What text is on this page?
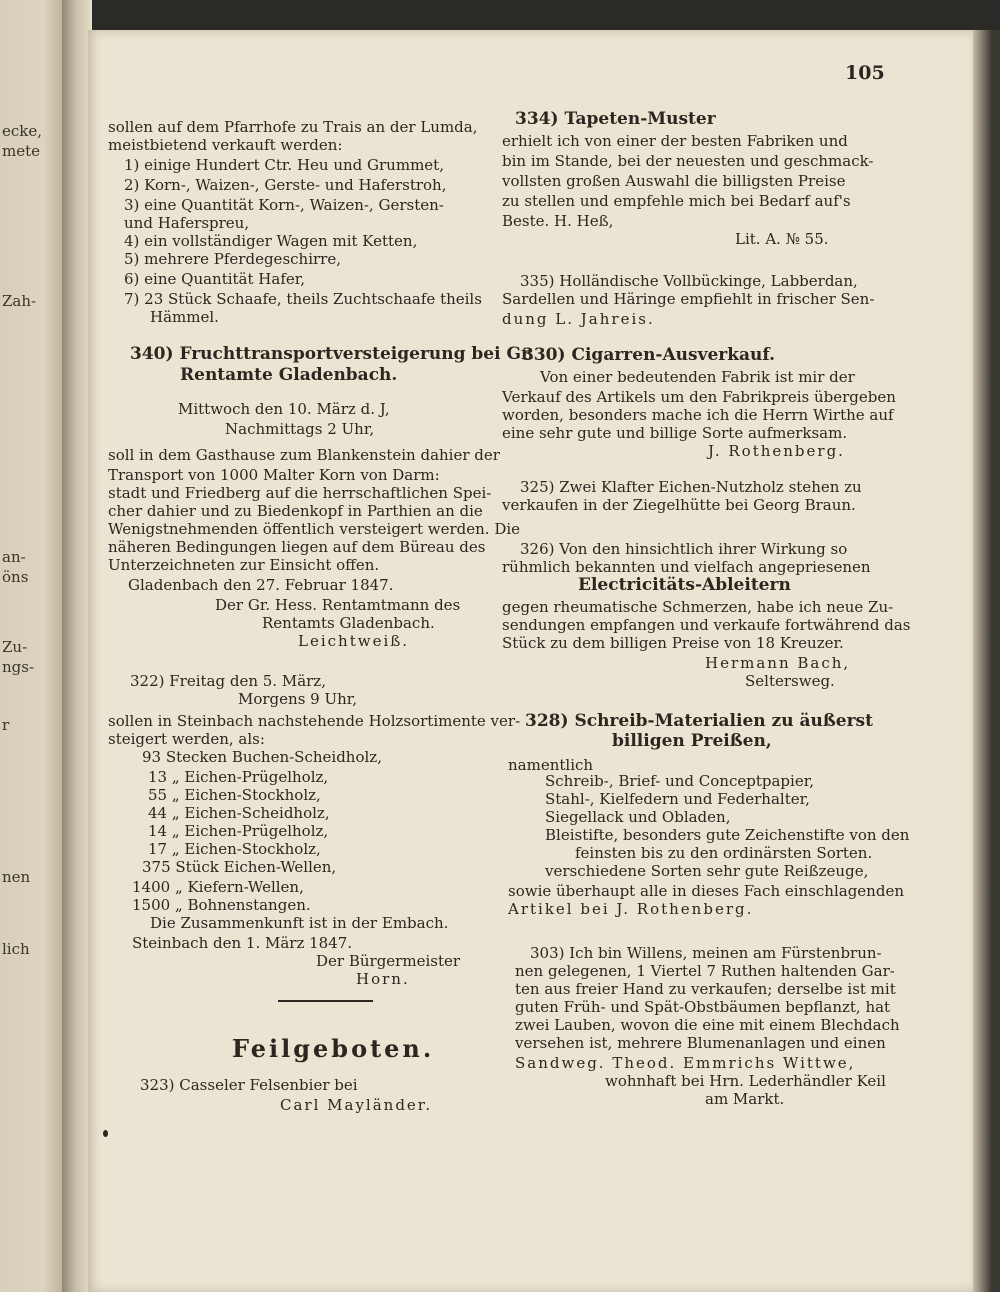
ecke,
mete
Zah-
an-
öns
Zu-
ngs-
r
nen
lich
105
sollen auf dem Pfarrhofe zu Trais an der Lumda,
meistbietend verkauft werden:
1) einige Hundert Ctr. Heu und Grummet,
2) Korn-, Waizen-, Gerste- und Haferstroh,
3) eine Quantität Korn-, Waizen-, Gersten-
und Haferspreu,
4) ein vollständiger Wagen mit Ketten,
5) mehrere Pferdegeschirre,
6) eine Quantität Hafer,
7) 23 Stück Schaafe, theils Zuchtschaafe theils
Hämmel.
340) Fruchttransportversteigerung bei Gr.
Rentamte Gladenbach.
Mittwoch den 10. März d. J,
Nachmittags 2 Uhr,
soll in dem Gasthause zum Blankenstein dahier der
Transport von 1000 Malter Korn von Darm:
stadt und Friedberg auf die herrschaftlichen Spei-
cher dahier und zu Biedenkopf in Parthien an die
Wenigstnehmenden öffentlich versteigert werden. Die
näheren Bedingungen liegen auf dem Büreau des
Unterzeichneten zur Einsicht offen.
Gladenbach den 27. Februar 1847.
Der Gr. Hess. Rentamtmann des
Rentamts Gladenbach.
Leichtweiß.
322) Freitag den 5. März,
Morgens 9 Uhr,
sollen in Steinbach nachstehende Holzsortimente ver-
steigert werden, als:
93 Stecken Buchen-Scheidholz,
13 „ Eichen-Prügelholz,
55 „ Eichen-Stockholz,
44 „ Eichen-Scheidholz,
14 „ Eichen-Prügelholz,
17 „ Eichen-Stockholz,
375 Stück Eichen-Wellen,
1400 „ Kiefern-Wellen,
1500 „ Bohnenstangen.
Die Zusammenkunft ist in der Embach.
Steinbach den 1. März 1847.
Der Bürgermeister
Horn.
Feilgeboten.
323) Casseler Felsenbier bei
Carl Mayländer.
334) Tapeten-Muster
erhielt ich von einer der besten Fabriken und
bin im Stande, bei der neuesten und geschmack-
vollsten großen Auswahl die billigsten Preise
zu stellen und empfehle mich bei Bedarf auf's
Beste. H. Heß,
Lit. A. № 55.
335) Holländische Vollbückinge, Labberdan,
Sardellen und Häringe empfiehlt in frischer Sen-
dung L. Jahreis.
330) Cigarren-Ausverkauf.
Von einer bedeutenden Fabrik ist mir der
Verkauf des Artikels um den Fabrikpreis übergeben
worden, besonders mache ich die Herrn Wirthe auf
eine sehr gute und billige Sorte aufmerksam.
J. Rothenberg.
325) Zwei Klafter Eichen-Nutzholz stehen zu
verkaufen in der Ziegelhütte bei Georg Braun.
326) Von den hinsichtlich ihrer Wirkung so
rühmlich bekannten und vielfach angepriesenen
Electricitäts-Ableitern
gegen rheumatische Schmerzen, habe ich neue Zu-
sendungen empfangen und verkaufe fortwährend das
Stück zu dem billigen Preise von 18 Kreuzer.
Hermann Bach,
Seltersweg.
328) Schreib-Materialien zu äußerst
billigen Preißen,
namentlich
Schreib-, Brief- und Conceptpapier,
Stahl-, Kielfedern und Federhalter,
Siegellack und Obladen,
Bleistifte, besonders gute Zeichenstifte von den
feinsten bis zu den ordinärsten Sorten.
verschiedene Sorten sehr gute Reißzeuge,
sowie überhaupt alle in dieses Fach einschlagenden
Artikel bei J. Rothenberg.
303) Ich bin Willens, meinen am Fürstenbrun-
nen gelegenen, 1 Viertel 7 Ruthen haltenden Gar-
ten aus freier Hand zu verkaufen; derselbe ist mit
guten Früh- und Spät-Obstbäumen bepflanzt, hat
zwei Lauben, wovon die eine mit einem Blechdach
versehen ist, mehrere Blumenanlagen und einen
Sandweg. Theod. Emmrichs Wittwe,
wohnhaft bei Hrn. Lederhändler Keil
am Markt.
